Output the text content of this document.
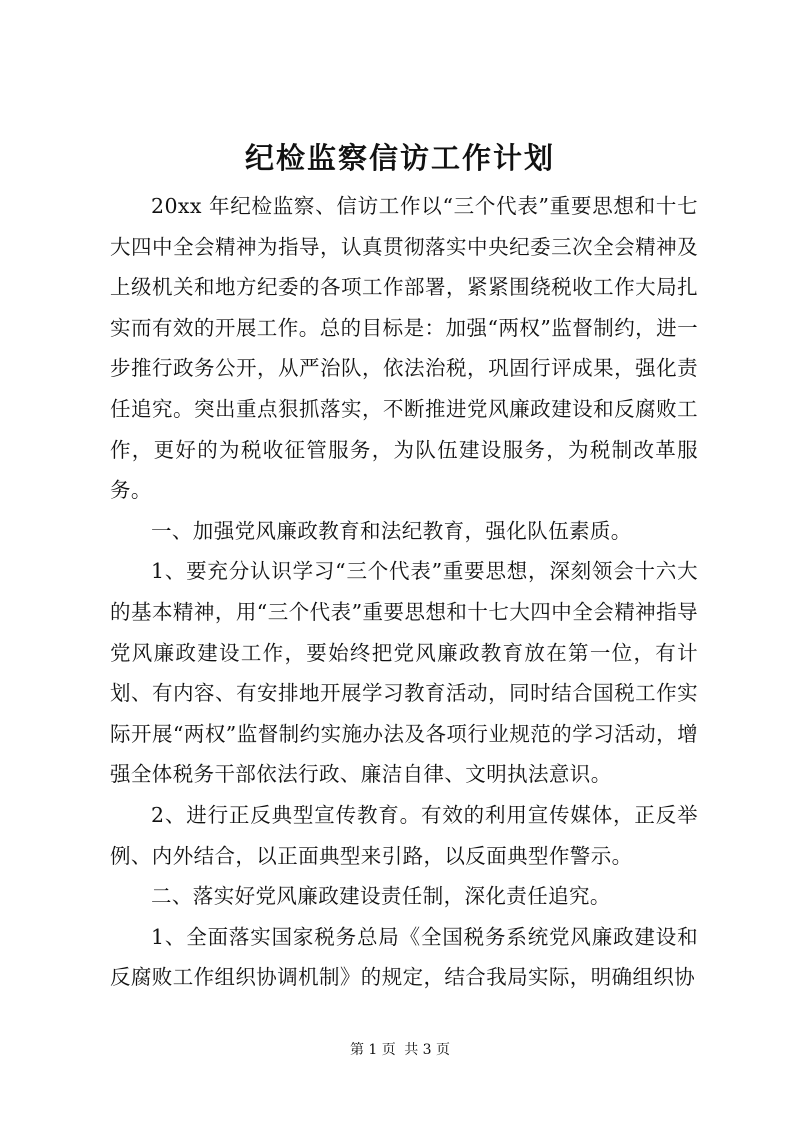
纪检监察信访工作计划

20xx 年纪检监察、信访工作以“三个代表”重要思想和十七大四中全会精神为指导，认真贯彻落实中央纪委三次全会精神及上级机关和地方纪委的各项工作部署，紧紧围绕税收工作大局扎实而有效的开展工作。总的目标是：加强“两权”监督制约，进一步推行政务公开，从严治队，依法治税，巩固行评成果，强化责任追究。突出重点狠抓落实，不断推进党风廉政建设和反腐败工作，更好的为税收征管服务，为队伍建设服务，为税制改革服务。

一、加强党风廉政教育和法纪教育，强化队伍素质。

1、要充分认识学习“三个代表”重要思想，深刻领会十六大的基本精神，用“三个代表”重要思想和十七大四中全会精神指导党风廉政建设工作，要始终把党风廉政教育放在第一位，有计划、有内容、有安排地开展学习教育活动，同时结合国税工作实际开展“两权”监督制约实施办法及各项行业规范的学习活动，增强全体税务干部依法行政、廉洁自律、文明执法意识。

2、进行正反典型宣传教育。有效的利用宣传媒体，正反举例、内外结合，以正面典型来引路，以反面典型作警示。

二、落实好党风廉政建设责任制，深化责任追究。

1、全面落实国家税务总局《全国税务系统党风廉政建设和反腐败工作组织协调机制》的规定，结合我局实际，明确组织协

第 1 页 共 3 页
